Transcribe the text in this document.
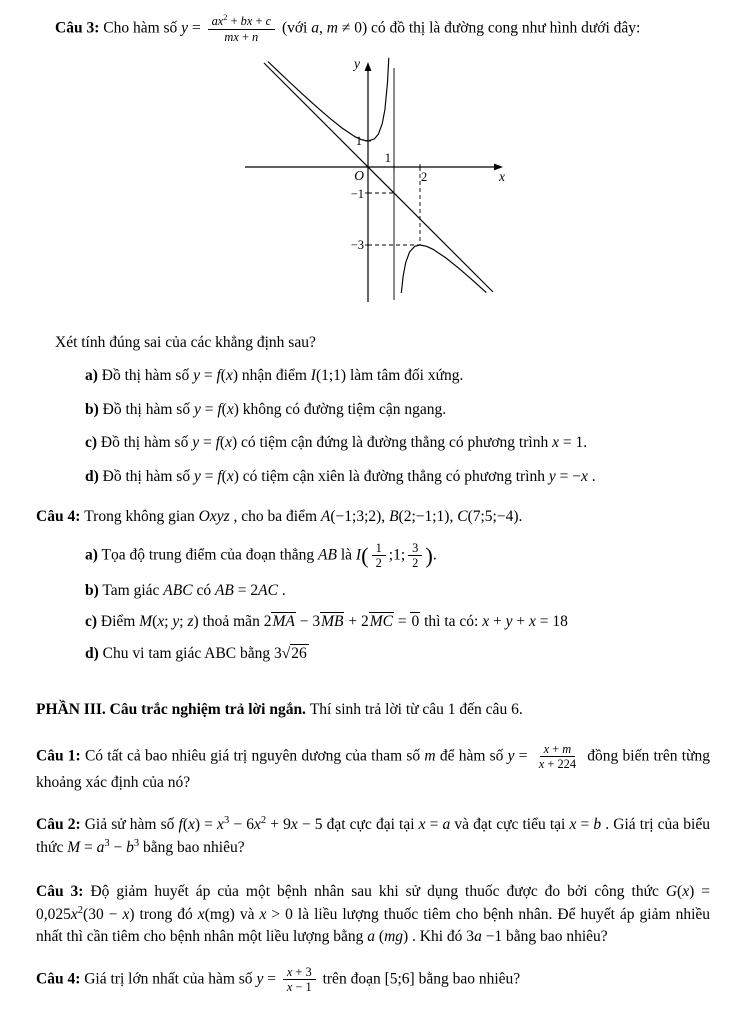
Câu 3: Cho hàm số $y = \frac{ax^2 + bx + c}{mx + n}$ (với a, m ≠ 0) có đồ thị là đường cong như hình dưới đây:
y
x
O
1
1
2
−1
−3
Xét tính đúng sai của các khẳng định sau?
a) Đồ thị hàm số y = f(x) nhận điểm I(1;1) làm tâm đối xứng.
b) Đồ thị hàm số y = f(x) không có đường tiệm cận ngang.
c) Đồ thị hàm số y = f(x) có tiệm cận đứng là đường thẳng có phương trình x = 1.
d) Đồ thị hàm số y = f(x) có tiệm cận xiên là đường thẳng có phương trình y = −x .
Câu 4: Trong không gian Oxyz , cho ba điểm A(−1;3;2), B(2;−1;1), C(7;5;−4).
a) Tọa độ trung điểm của đoạn thẳng AB là $I( \frac{1}{2}$ ;1; $\frac{3}{2}$ ).
b) Tam giác ABC có AB = 2AC .
c) Điểm M(x; y; z) thoả mãn 2MA − 3MB + 2MC = 0 thì ta có: x + y + x = 18
d) Chu vi tam giác ABC bằng 3√26
PHẦN III. Câu trắc nghiệm trả lời ngắn. Thí sinh trả lời từ câu 1 đến câu 6.
Câu 1: Có tất cả bao nhiêu giá trị nguyên dương của tham số m để hàm số $y = \frac{x + m}{x + 224}$ đồng biến trên từng khoảng xác định của nó?
Câu 2: Giả sử hàm số $f(x) = x^3 - 6x^2 + 9x - 5$ đạt cực đại tại x = a và đạt cực tiểu tại x = b . Giá trị của biểu thức $M = a^3 - b^3$ bằng bao nhiêu?
Câu 3: Độ giảm huyết áp của một bệnh nhân sau khi sử dụng thuốc được đo bởi công thức $G(x) = 0,025x^2(30 - x)$ trong đó x(mg) và x > 0 là liều lượng thuốc tiêm cho bệnh nhân. Để huyết áp giảm nhiều nhất thì cần tiêm cho bệnh nhân một liều lượng bằng a (mg) . Khi đó 3a −1 bằng bao nhiêu?
Câu 4: Giá trị lớn nhất của hàm số $y = \frac{x + 3}{x - 1}$ trên đoạn [5;6] bằng bao nhiêu?
